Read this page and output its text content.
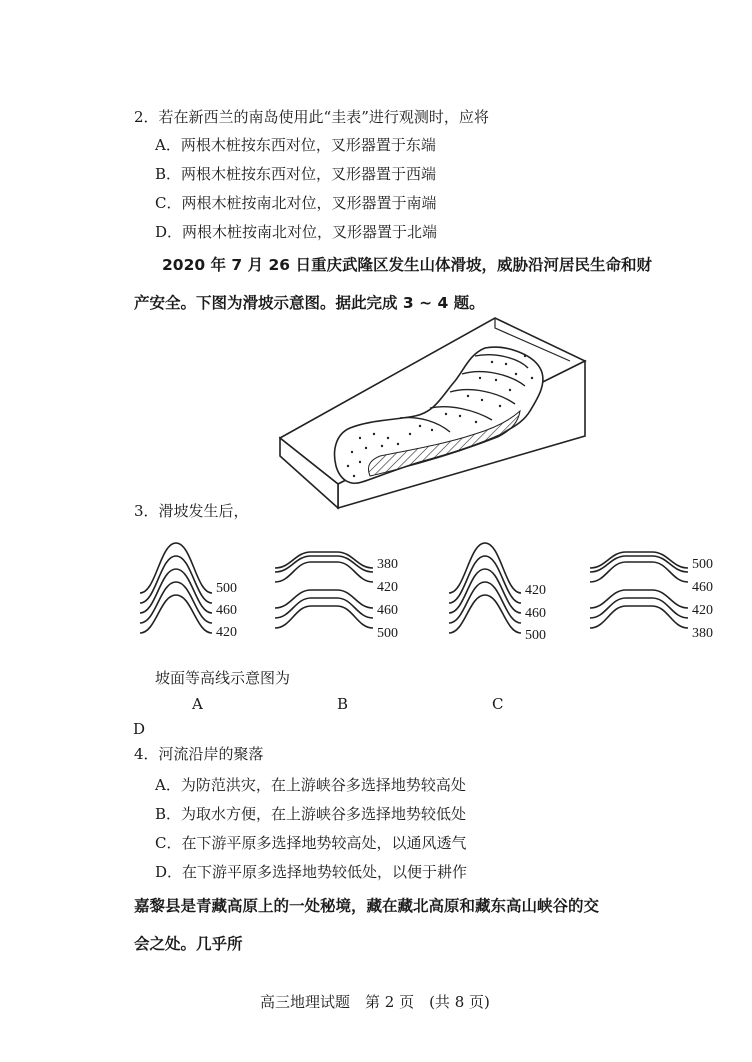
2．若在新西兰的南岛使用此“圭表”进行观测时，应将
A．两根木桩按东西对位，叉形器置于东端
B．两根木桩按东西对位，叉形器置于西端
C．两根木桩按南北对位，叉形器置于南端
D．两根木桩按南北对位，叉形器置于北端
2020 年 7 月 26 日重庆武隆区发生山体滑坡，威胁沿河居民生命和财
产安全。下图为滑坡示意图。据此完成 3 ~ 4 题。
3．滑坡发生后，
500
460
420
380
420
460
500
420
460
500
500
460
420
380
坡面等高线示意图为
A	B	C
D
4．河流沿岸的聚落
A．为防范洪灾，在上游峡谷多选择地势较高处
B．为取水方便，在上游峡谷多选择地势较低处
C．在下游平原多选择地势较高处，以通风透气
D．在下游平原多选择地势较低处，以便于耕作
嘉黎县是青藏高原上的一处秘境，藏在藏北高原和藏东高山峡谷的交
会之处。几乎所
高三地理试题　第 2 页　(共 8 页)
